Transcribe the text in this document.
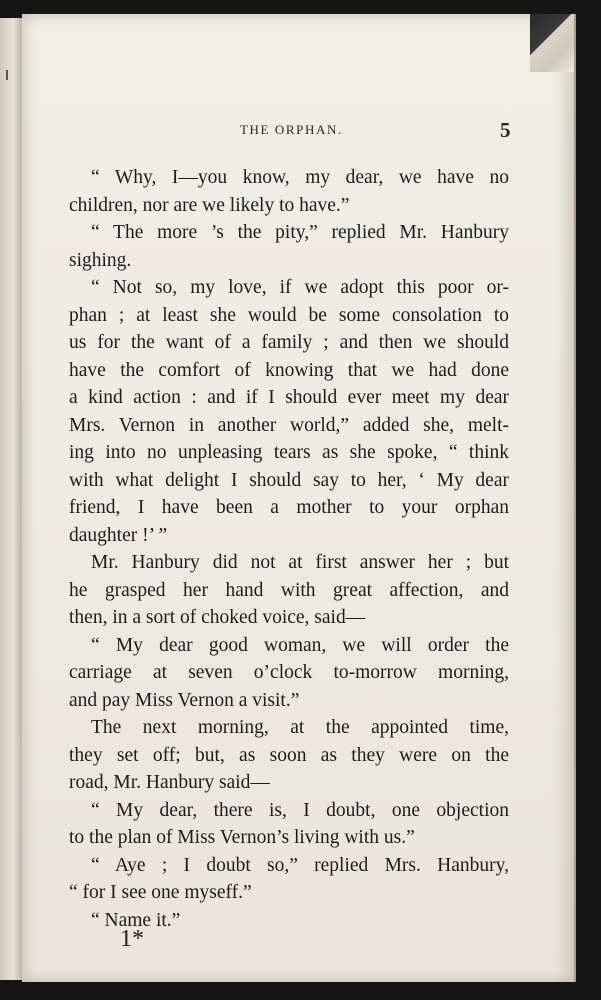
THE ORPHAN.	5
“ Why, I—you know, my dear, we have no
children, nor are we likely to have.”
“ The more ’s the pity,” replied Mr. Hanbury
sighing.
“ Not so, my love, if we adopt this poor or-
phan ; at least she would be some consolation to
us for the want of a family ; and then we should
have the comfort of knowing that we had done
a kind action : and if I should ever meet my dear
Mrs. Vernon in another world,” added she, melt-
ing into no unpleasing tears as she spoke, “ think
with what delight I should say to her, ‘ My dear
friend, I have been a mother to your orphan
daughter !’ ”
Mr. Hanbury did not at first answer her ; but
he grasped her hand with great affection, and
then, in a sort of choked voice, said—
“ My dear good woman, we will order the
carriage at seven o’clock to-morrow morning,
and pay Miss Vernon a visit.”
The next morning, at the appointed time,
they set off; but, as soon as they were on the
road, Mr. Hanbury said—
“ My dear, there is, I doubt, one objection
to the plan of Miss Vernon’s living with us.”
“ Aye ; I doubt so,” replied Mrs. Hanbury,
“ for I see one myseff.”
“ Name it.”
1*
